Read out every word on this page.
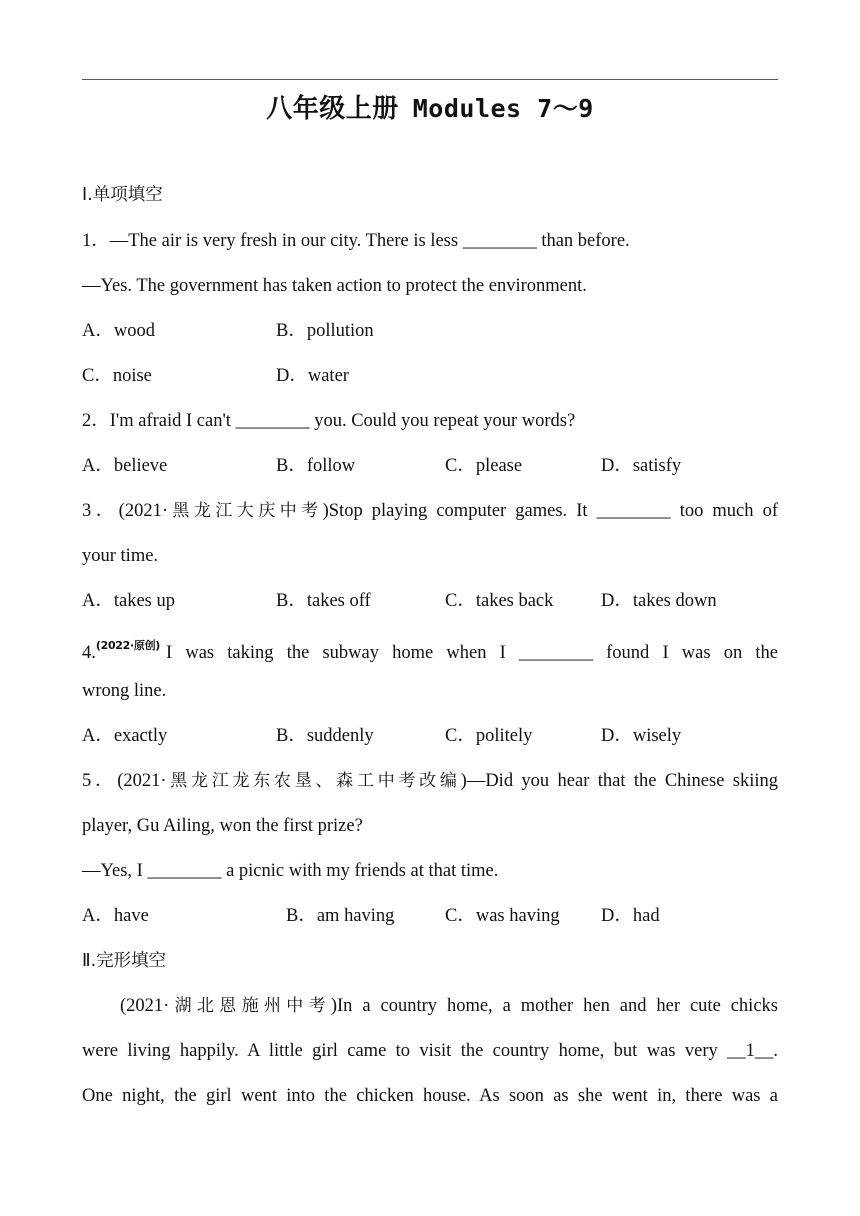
八年级上册 Modules 7～9
Ⅰ.单项填空
1．—The air is very fresh in our city. There is less ________ than before.
—Yes. The government has taken action to protect the environment.
A．wood	B．pollution
C．noise	D．water
2．I'm afraid I can't ________ you. Could you repeat your words?
A．believe	B．follow	C．please	D．satisfy
3．(2021·黑龙江大庆中考)Stop playing computer games. It ________ too much of
your time.
A．takes up	B．takes off	C．takes back	D．takes down
4.(2022·原创) I was taking the subway home when I ________ found I was on the
wrong line.
A．exactly	B．suddenly	C．politely	D．wisely
5．(2021·黑龙江龙东农垦、森工中考改编)—Did you hear that the Chinese skiing
player, Gu Ailing, won the first prize?
—Yes, I ________ a picnic with my friends at that time.
A．have	B．am having	C．was having D．had
Ⅱ.完形填空
(2021·湖北恩施州中考)In a country home, a mother hen and her cute chicks
were living happily. A little girl came to visit the country home, but was very __1__.
One night, the girl went into the chicken house. As soon as she went in, there was a
